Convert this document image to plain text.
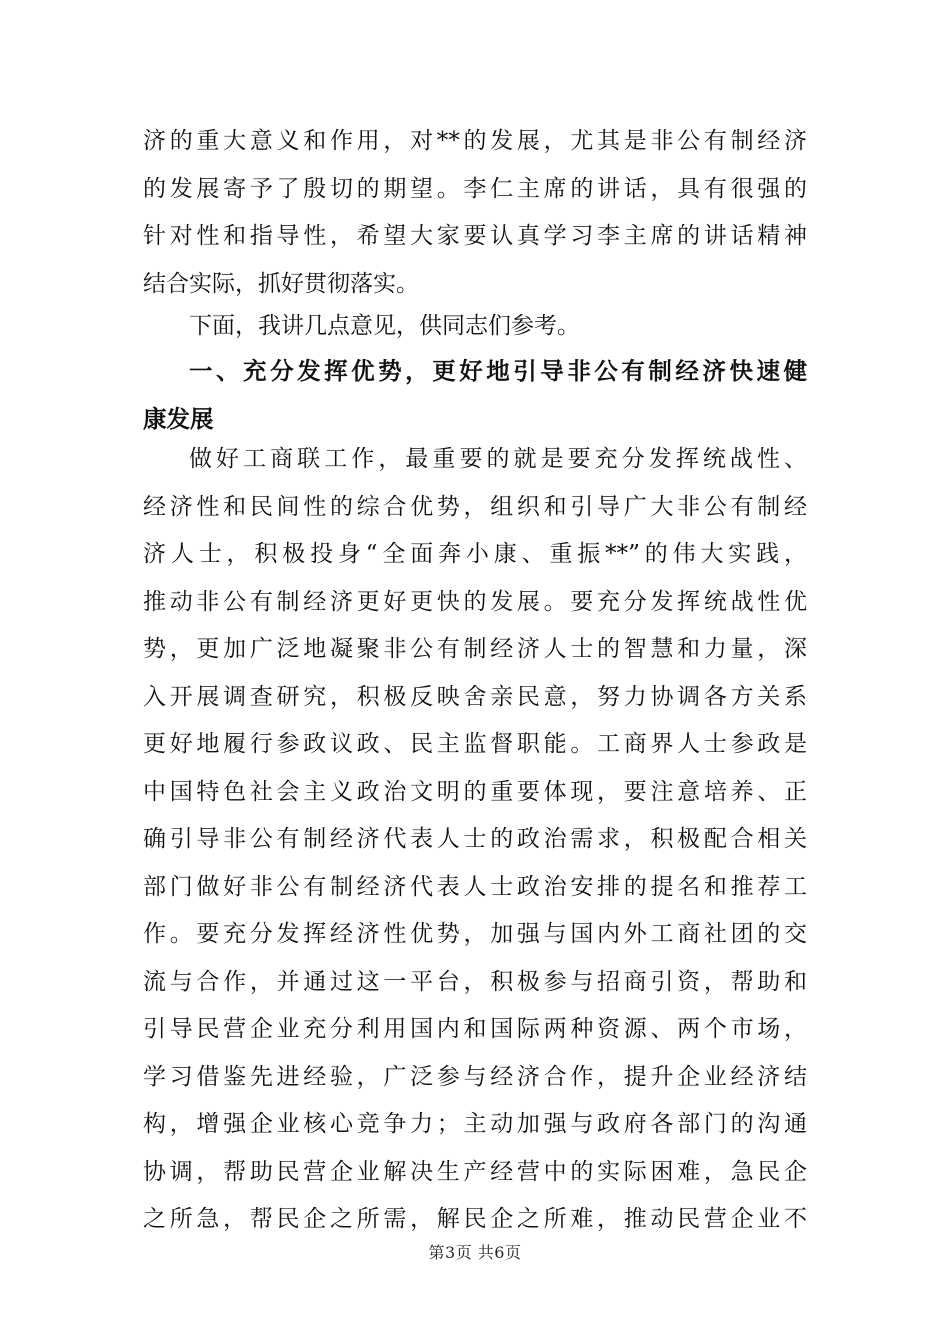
济的重大意义和作用，对**的发展，尤其是非公有制经济
的发展寄予了殷切的期望。李仁主席的讲话，具有很强的
针对性和指导性，希望大家要认真学习李主席的讲话精神
结合实际，抓好贯彻落实。
下面，我讲几点意见，供同志们参考。
一、充分发挥优势，更好地引导非公有制经济快速健
康发展
做好工商联工作，最重要的就是要充分发挥统战性、
经济性和民间性的综合优势，组织和引导广大非公有制经
济人士，积极投身“全面奔小康、重振**”的伟大实践，
推动非公有制经济更好更快的发展。要充分发挥统战性优
势，更加广泛地凝聚非公有制经济人士的智慧和力量，深
入开展调查研究，积极反映舍亲民意，努力协调各方关系
更好地履行参政议政、民主监督职能。工商界人士参政是
中国特色社会主义政治文明的重要体现，要注意培养、正
确引导非公有制经济代表人士的政治需求，积极配合相关
部门做好非公有制经济代表人士政治安排的提名和推荐工
作。要充分发挥经济性优势，加强与国内外工商社团的交
流与合作，并通过这一平台，积极参与招商引资，帮助和
引导民营企业充分利用国内和国际两种资源、两个市场，
学习借鉴先进经验，广泛参与经济合作，提升企业经济结
构，增强企业核心竞争力；主动加强与政府各部门的沟通
协调，帮助民营企业解决生产经营中的实际困难，急民企
之所急，帮民企之所需，解民企之所难，推动民营企业不
第3页 共6页
